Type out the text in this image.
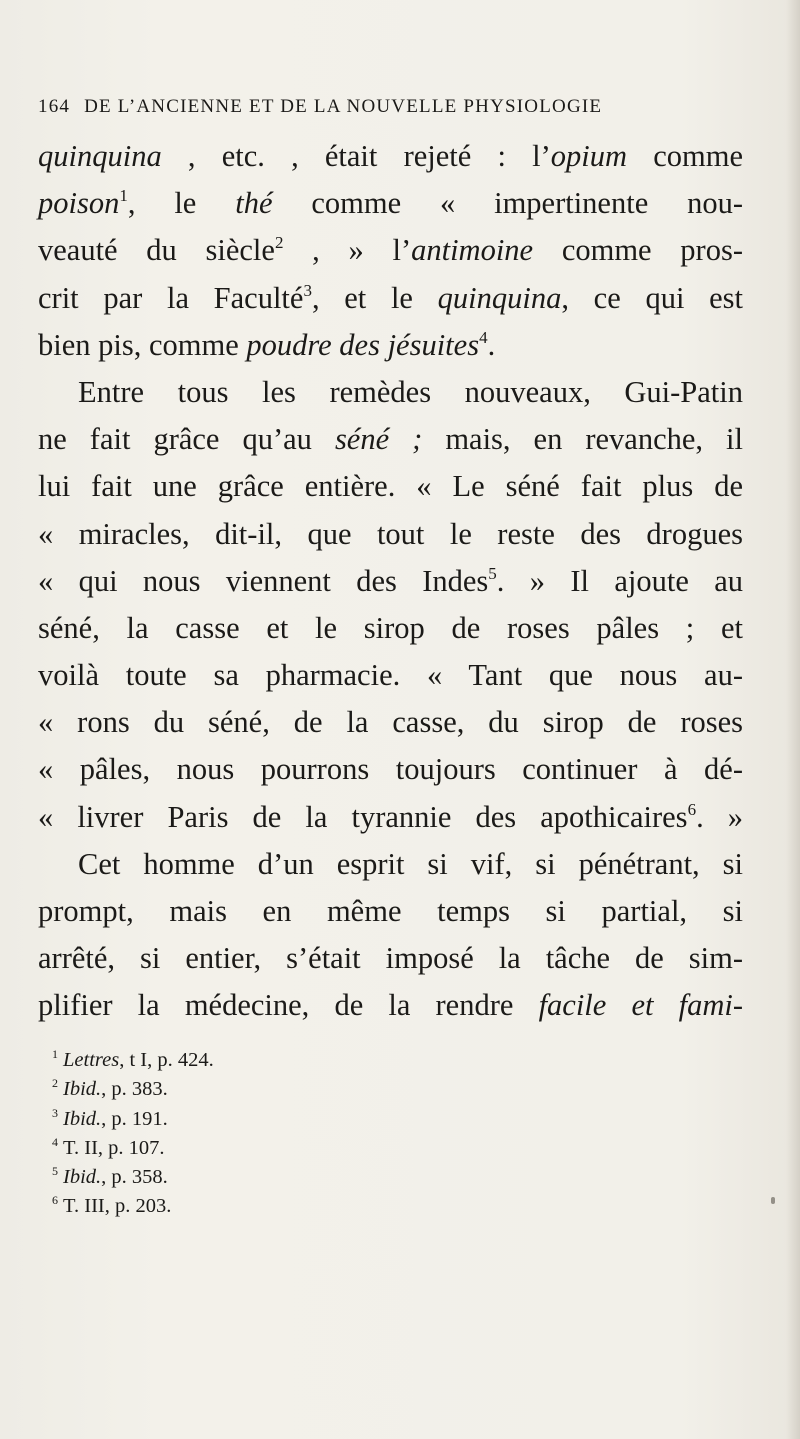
164 DE L’ANCIENNE ET DE LA NOUVELLE PHYSIOLOGIE
quinquina , etc. , était rejeté : l’opium comme
poison$^1$, le thé comme « impertinente nou-
veauté du siècle$^2$ , » l’antimoine comme pros-
crit par la Faculté$^3$, et le quinquina, ce qui est
bien pis, comme poudre des jésuites$^4$.
Entre tous les remèdes nouveaux, Gui-Patin
ne fait grâce qu’au séné ; mais, en revanche, il
lui fait une grâce entière. « Le séné fait plus de
« miracles, dit-il, que tout le reste des drogues
« qui nous viennent des Indes$^5$. » Il ajoute au
séné, la casse et le sirop de roses pâles ; et
voilà toute sa pharmacie. « Tant que nous au-
« rons du séné, de la casse, du sirop de roses
« pâles, nous pourrons toujours continuer à dé-
« livrer Paris de la tyrannie des apothicaires$^6$. »
Cet homme d’un esprit si vif, si pénétrant, si
prompt, mais en même temps si partial, si
arrêté, si entier, s’était imposé la tâche de sim-
plifier la médecine, de la rendre facile et fami-
$^1$ Lettres, t I, p. 424.
$^2$ Ibid., p. 383.
$^3$ Ibid., p. 191.
$^4$ T. II, p. 107.
$^5$ Ibid., p. 358.
$^6$ T. III, p. 203.
